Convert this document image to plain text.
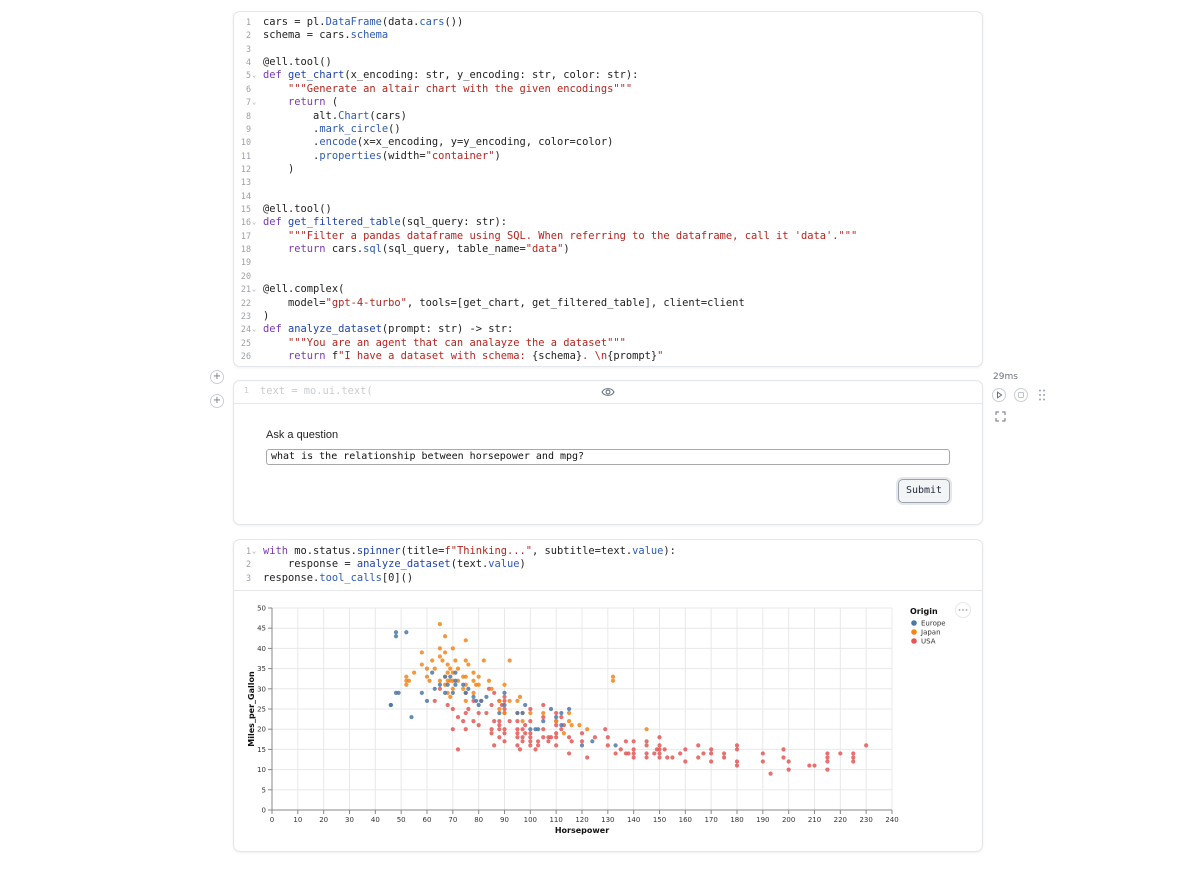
1 cars = pl.DataFrame(data.cars())
2 schema = cars.schema
3
4 @ell.tool()
5 ⌄ def get_chart(x_encoding: str, y_encoding: str, color: str):
6	"""Generate an altair chart with the given encodings"""
7 ⌄	return (
8 alt.Chart(cars)
9 .mark_circle()
10 .encode(x=x_encoding, y=y_encoding, color=color)
11 .properties(width="container")
12 )
13
14
15 @ell.tool()
16 ⌄ def get_filtered_table(sql_query: str):
17	"""Filter a pandas dataframe using SQL. When referring to the dataframe, call it 'data'."""
18	return cars.sql(sql_query, table_name="data")
19
20
21 ⌄ @ell.complex(
22 model="gpt-4-turbo", tools=[get_chart, get_filtered_table], client=client
23 )
24 ⌄ def analyze_dataset(prompt: str) -> str:
25	"""You are an agent that can analayze the a dataset"""
26	return f"I have a dataset with schema: {schema}. \n{prompt}"
+
+
1 text = mo.ui.text(
Ask a question
what is the relationship between horsepower and mpg?
Submit
29ms
1 ⌄ with mo.status.spinner(title=f"Thinking...", subtitle=text.value):
2 response = analyze_dataset(text.value)
3 response.tool_calls[0]()
0	10 20 30 40 50 60 70 80 90 100 110 120 130 140 150 160 170 180 190 200 210 220 230 240
0
5
10
15
20
25
30
35
40
45
50
Horsepower
Miles_per_Gallon
Origin
Europe
Japan
USA
